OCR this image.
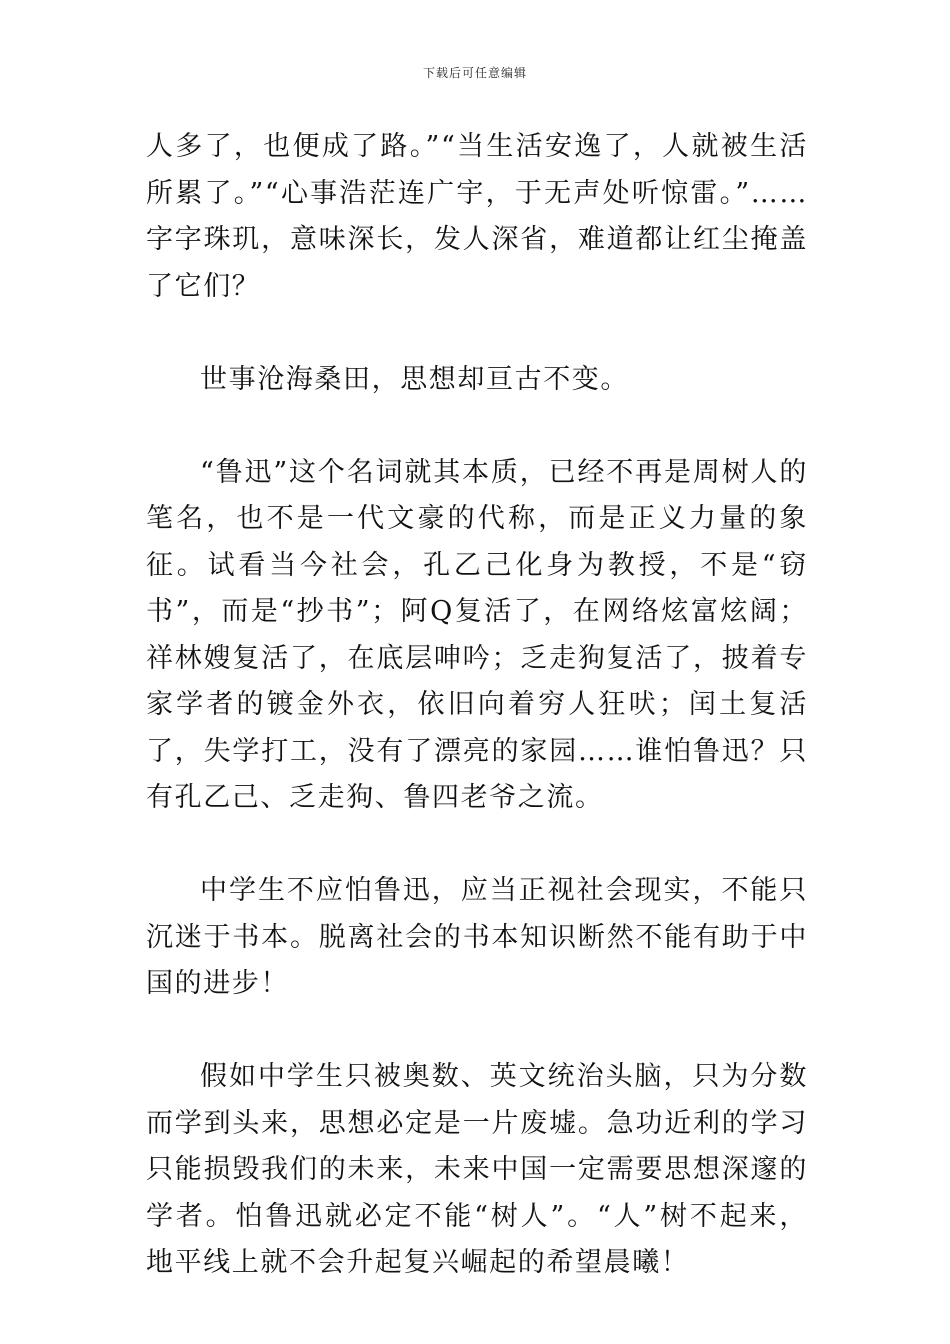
下载后可任意编辑

人多了，也便成了路。”“当生活安逸了，人就被生活所累了。”“心事浩茫连广宇，于无声处听惊雷。”……字字珠玑，意味深长，发人深省，难道都让红尘掩盖了它们？

世事沧海桑田，思想却亘古不变。

“鲁迅”这个名词就其本质，已经不再是周树人的笔名，也不是一代文豪的代称，而是正义力量的象征。试看当今社会，孔乙己化身为教授，不是“窃书”，而是“抄书”；阿Q复活了，在网络炫富炫阔；祥林嫂复活了，在底层呻吟；乏走狗复活了，披着专家学者的镀金外衣，依旧向着穷人狂吠；闰土复活了，失学打工，没有了漂亮的家园……谁怕鲁迅？只有孔乙己、乏走狗、鲁四老爷之流。

中学生不应怕鲁迅，应当正视社会现实，不能只沉迷于书本。脱离社会的书本知识断然不能有助于中国的进步！

假如中学生只被奥数、英文统治头脑，只为分数而学到头来，思想必定是一片废墟。急功近利的学习只能损毁我们的未来，未来中国一定需要思想深邃的学者。怕鲁迅就必定不能“树人”。“人”树不起来，地平线上就不会升起复兴崛起的希望晨曦！
